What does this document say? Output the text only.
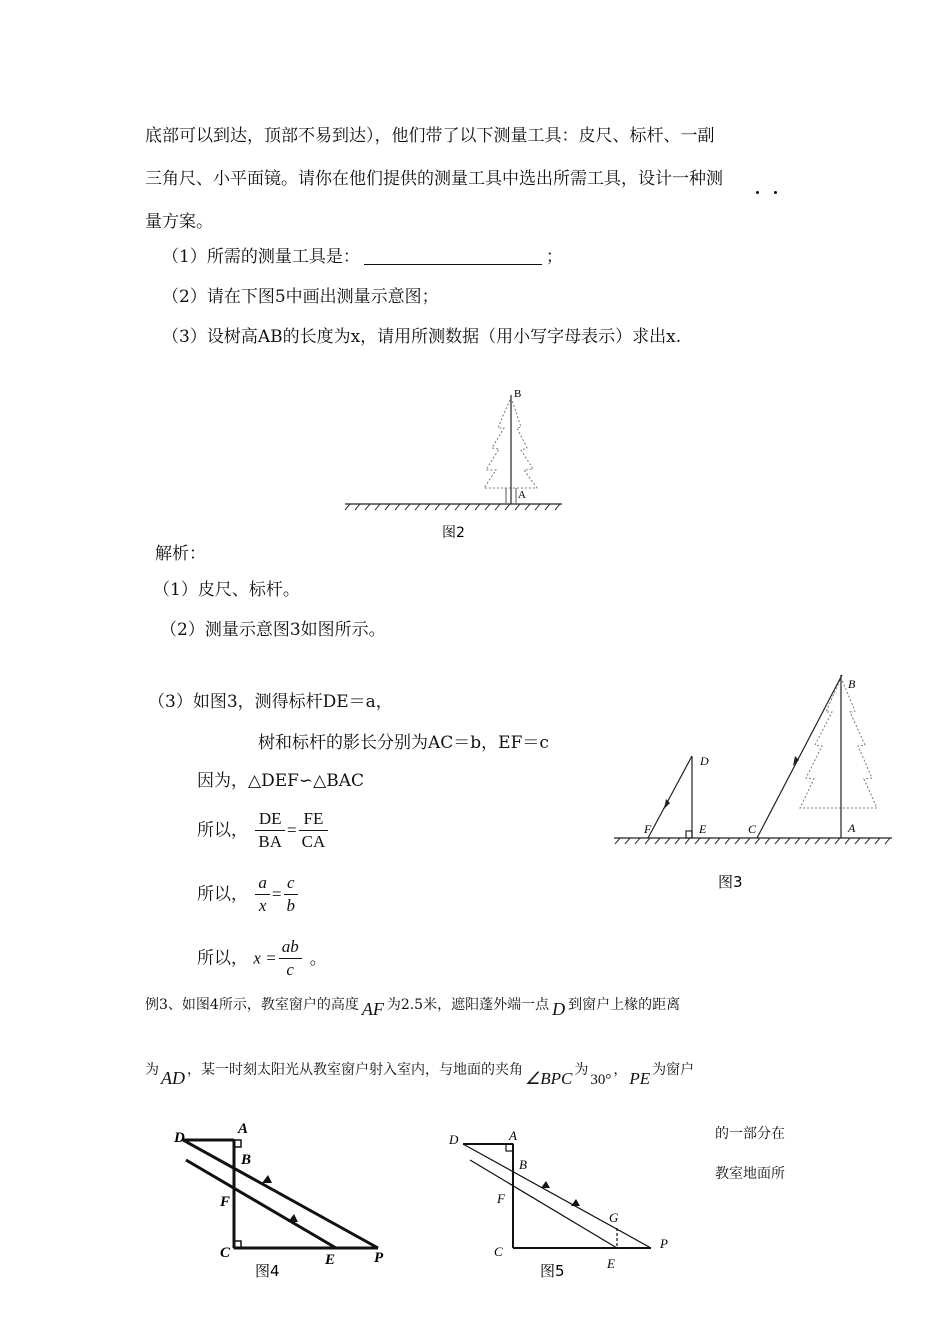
底部可以到达，顶部不易到达），他们带了以下测量工具：皮尺、标杆、一副
三角尺、小平面镜。请你在他们提供的测量工具中选出所需工具，设计一种测
量方案。
（1）所需的测量工具是：	；
（2）请在下图5中画出测量示意图；
（3）设树高AB的长度为x，请用所测数据（用小写字母表示）求出x.
B
A
图2
解析：
（1）皮尺、标杆。
（2）测量示意图3如图所示。
（3）如图3，测得标杆DE＝a，
树和标杆的影长分别为AC＝b，EF＝c
因为，△DEF∽△BAC
所以， $\frac{DE}{BA} = \frac{FE}{CA}$
所以， $\frac{a}{x} = \frac{c}{b}$
所以， $x = \frac{ab}{c}$ 。
B
D
F	E	C	A
图3
例3、如图4所示，教室窗户的高度 AF 为2.5米，遮阳蓬外端一点 D 到窗户上椽的距离
为 AD ，某一时刻太阳光从教室窗户射入室内，与地面的夹角 ∠BPC 为30°， PE 为窗户
的一部分在
教室地面所
D
A
B
F
C	E	P
图4
D	A
B
F
C
G
E
P
图5
